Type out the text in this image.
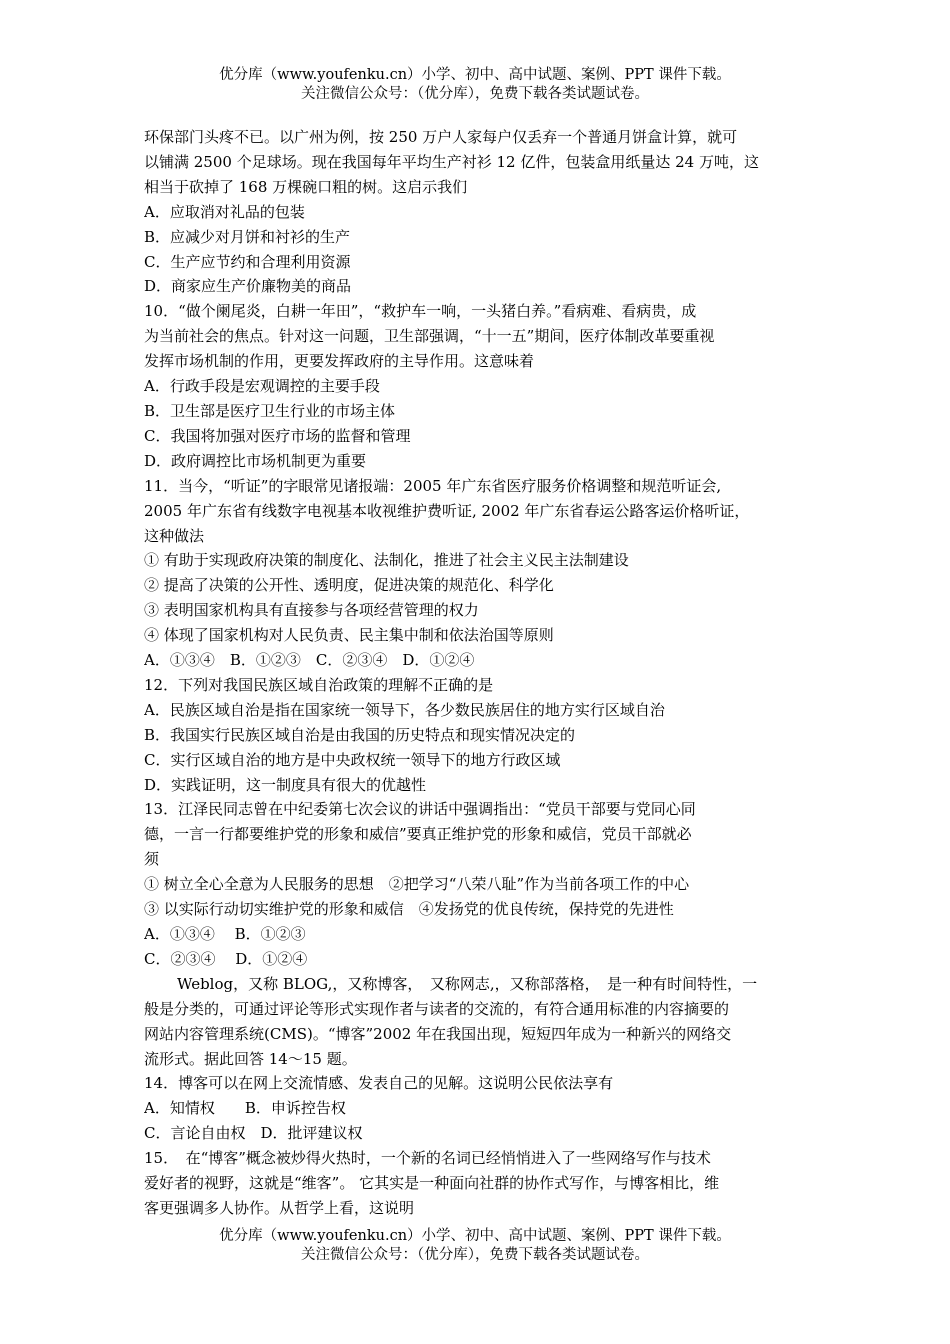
优分库（www.youfenku.cn）小学、初中、高中试题、案例、PPT 课件下载。
关注微信公众号：（优分库），免费下载各类试题试卷。

环保部门头疼不已。以广州为例，按 250 万户人家每户仅丢弃一个普通月饼盒计算，就可

以铺满 2500 个足球场。现在我国每年平均生产衬衫 12 亿件，包装盒用纸量达 24 万吨，这

相当于砍掉了 168 万棵碗口粗的树。这启示我们

A．应取消对礼品的包装

B．应减少对月饼和衬衫的生产

C．生产应节约和合理利用资源

D．商家应生产价廉物美的商品

10．“做个阑尾炎，白耕一年田”，“救护车一响，一头猪白养。”看病难、看病贵，成

为当前社会的焦点。针对这一问题，卫生部强调，“十一五”期间，医疗体制改革要重视

发挥市场机制的作用，更要发挥政府的主导作用。这意味着

A．行政手段是宏观调控的主要手段

B．卫生部是医疗卫生行业的市场主体

C．我国将加强对医疗市场的监督和管理

D．政府调控比市场机制更为重要

11．当今，“听证”的字眼常见诸报端：2005 年广东省医疗服务价格调整和规范听证会,

2005 年广东省有线数字电视基本收视维护费听证, 2002 年广东省春运公路客运价格听证，

这种做法

① 有助于实现政府决策的制度化、法制化，推进了社会主义民主法制建设

② 提高了决策的公开性、透明度，促进决策的规范化、科学化

③ 表明国家机构具有直接参与各项经营管理的权力

④ 体现了国家机构对人民负责、民主集中制和依法治国等原则

A．①③④　B．①②③　C．②③④　D．①②④

12．下列对我国民族区域自治政策的理解不正确的是

A．民族区域自治是指在国家统一领导下，各少数民族居住的地方实行区域自治

B．我国实行民族区域自治是由我国的历史特点和现实情况决定的

C．实行区域自治的地方是中央政权统一领导下的地方行政区域

D．实践证明，这一制度具有很大的优越性

13．江泽民同志曾在中纪委第七次会议的讲话中强调指出：“党员干部要与党同心同

德，一言一行都要维护党的形象和威信”要真正维护党的形象和威信，党员干部就必

须

① 树立全心全意为人民服务的思想　②把学习“八荣八耻”作为当前各项工作的中心

③ 以实际行动切实维护党的形象和威信　④发扬党的优良传统，保持党的先进性

A．①③④　 B．①②③

C．②③④　 D．①②④

Weblog，又称 BLOG,，又称博客，　又称网志,，又称部落格，　是一种有时间特性，一

般是分类的，可通过评论等形式实现作者与读者的交流的，有符合通用标准的内容摘要的

网站内容管理系统(CMS)。“博客”2002 年在我国出现，短短四年成为一种新兴的网络交

流形式。据此回答 14～15 题。

14．博客可以在网上交流情感、发表自己的见解。这说明公民依法享有

A．知情权　　B．申诉控告权

C．言论自由权　D．批评建议权

15．　在“博客”概念被炒得火热时，一个新的名词已经悄悄进入了一些网络写作与技术

爱好者的视野，这就是“维客”。 它其实是一种面向社群的协作式写作，与博客相比，维

客更强调多人协作。从哲学上看，这说明

优分库（www.youfenku.cn）小学、初中、高中试题、案例、PPT 课件下载。
关注微信公众号：（优分库），免费下载各类试题试卷。
